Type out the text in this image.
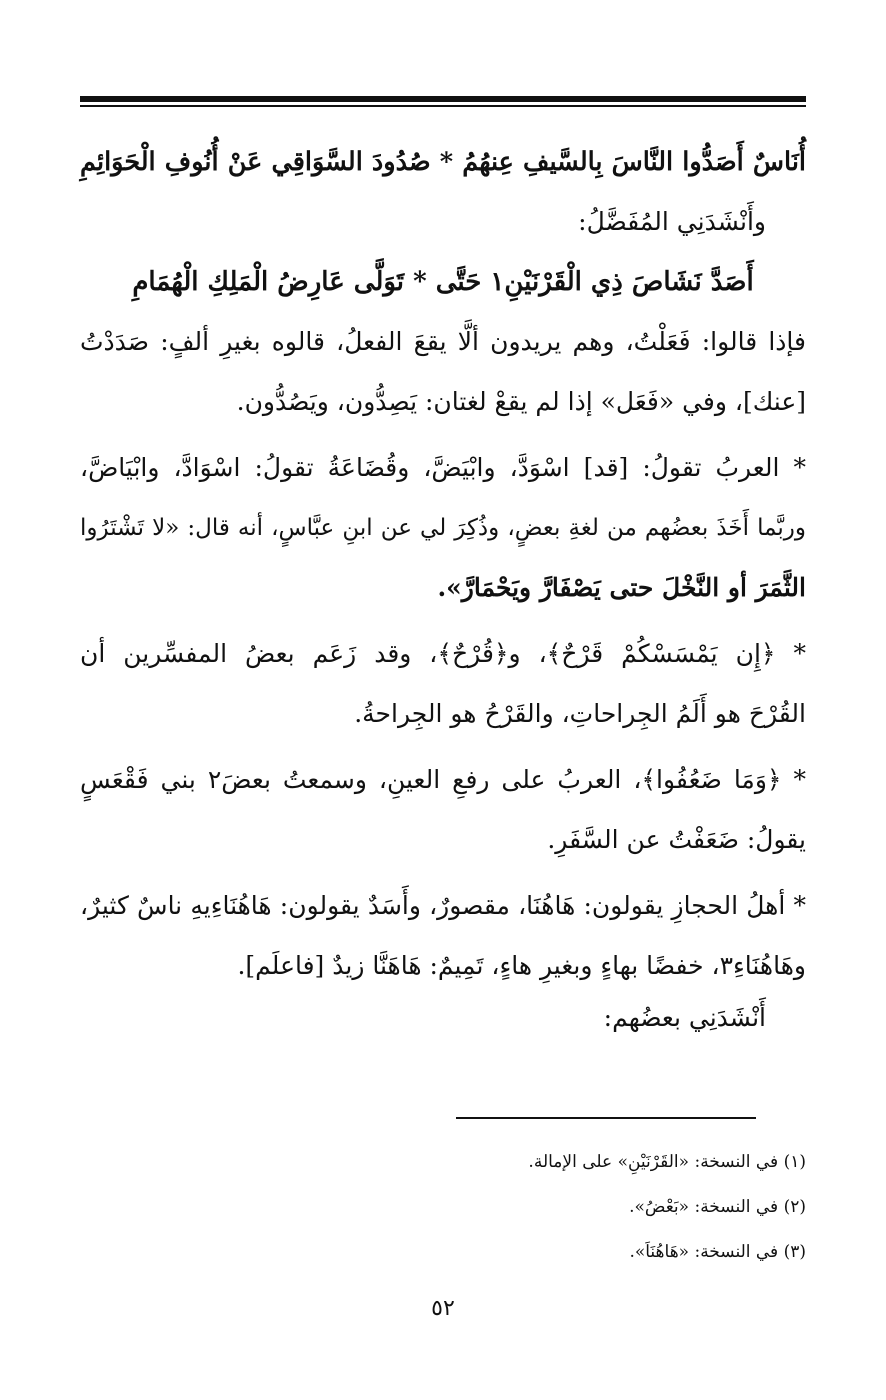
أُنَاسٌ أَصَدُّوا النَّاسَ بِالسَّيفِ عِنهُمُ * صُدُودَ السَّوَاقِي عَنْ أُنُوفِ الْحَوَائِمِ
وأَنْشَدَنِي المُفَضَّلُ:
أَصَدَّ نَشَاصَ ذِي الْقَرْنَيْنِ١ حَتَّى * تَوَلَّى عَارِضُ الْمَلِكِ الْهُمَامِ
فإذا قالوا: فَعَلْتُ، وهم يريدون ألَّا يقعَ الفعلُ، قالوه بغيرِ ألفٍ: صَدَدْتُ
[عنك]، وفي «فَعَل» إذا لم يقعْ لغتان: يَصِدُّون، ويَصُدُّون.
* العربُ تقولُ: [قد] اسْوَدَّ، وابْيَضَّ، وقُضَاعَةُ تقولُ: اسْوَادَّ، وابْيَاضَّ،
وربَّما أَخَذَ بعضُهم من لغةِ بعضٍ، وذُكِرَ لي عن ابنِ عبَّاسٍ، أنه قال: «لا تَشْتَرُوا
الثَّمَرَ أو النَّخْلَ حتى يَصْفَارَّ ويَحْمَارَّ».
* ﴿إِن يَمْسَسْكُمْ قَرْحٌ﴾، و﴿قُرْحٌ﴾، وقد زَعَم بعضُ المفسِّرين أن
القُرْحَ هو أَلَمُ الجِراحاتِ، والقَرْحُ هو الجِراحةُ.
* ﴿وَمَا ضَعُفُوا﴾، العربُ على رفعِ العينِ، وسمعتُ بعضَ٢ بني فَقْعَسٍ
يقولُ: ضَعَفْتُ عن السَّفَرِ.
* أهلُ الحجازِ يقولون: هَاهُنَا، مقصورٌ، وأَسَدٌ يقولون: هَاهُنَاءِيهِ ناسٌ كثيرٌ،
وهَاهُنَاءِ٣، خفضًا بهاءٍ وبغيرِ هاءٍ، تَمِيمٌ: هَاهَنَّا زيدٌ [فاعلَم].
أَنْشَدَنِي بعضُهم:
(١) في النسخة: «القَرْنَيْنِ» على الإمالة.
(٢) في النسخة: «بَعْضُ».
(٣) في النسخة: «هَاهُنَاَ».
٥٢
